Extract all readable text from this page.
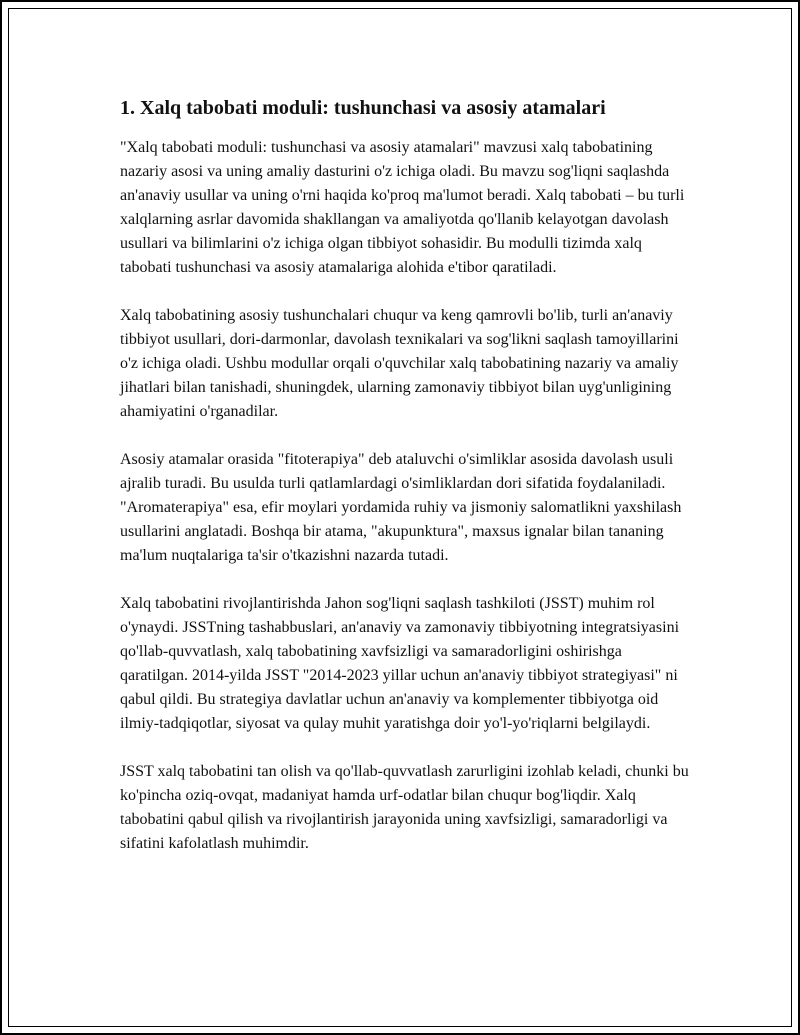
1. Xalq tabobati moduli: tushunchasi va asosiy atamalari

"Xalq tabobati moduli: tushunchasi va asosiy atamalari" mavzusi xalq tabobatining nazariy asosi va uning amaliy dasturini o'z ichiga oladi. Bu mavzu sog'liqni saqlashda an'anaviy usullar va uning o'rni haqida ko'proq ma'lumot beradi. Xalq tabobati – bu turli xalqlarning asrlar davomida shakllangan va amaliyotda qo'llanib kelayotgan davolash usullari va bilimlarini o'z ichiga olgan tibbiyot sohasidir. Bu modulli tizimda xalq tabobati tushunchasi va asosiy atamalariga alohida e'tibor qaratiladi.

Xalq tabobatining asosiy tushunchalari chuqur va keng qamrovli bo'lib, turli an'anaviy tibbiyot usullari, dori-darmonlar, davolash texnikalari va sog'likni saqlash tamoyillarini o'z ichiga oladi. Ushbu modullar orqali o'quvchilar xalq tabobatining nazariy va amaliy jihatlari bilan tanishadi, shuningdek, ularning zamonaviy tibbiyot bilan uyg'unligining ahamiyatini o'rganadilar.

Asosiy atamalar orasida "fitoterapiya" deb ataluvchi o'simliklar asosida davolash usuli ajralib turadi. Bu usulda turli qatlamlardagi o'simliklardan dori sifatida foydalaniladi. "Aromaterapiya" esa, efir moylari yordamida ruhiy va jismoniy salomatlikni yaxshilash usullarini anglatadi. Boshqa bir atama, "akupunktura", maxsus ignalar bilan tananing ma'lum nuqtalariga ta'sir o'tkazishni nazarda tutadi.

Xalq tabobatini rivojlantirishda Jahon sog'liqni saqlash tashkiloti (JSST) muhim rol o'ynaydi. JSSTning tashabbuslari, an'anaviy va zamonaviy tibbiyotning integratsiyasini qo'llab-quvvatlash, xalq tabobatining xavfsizligi va samaradorligini oshirishga qaratilgan. 2014-yilda JSST "2014-2023 yillar uchun an'anaviy tibbiyot strategiyasi" ni qabul qildi. Bu strategiya davlatlar uchun an'anaviy va komplementer tibbiyotga oid ilmiy-tadqiqotlar, siyosat va qulay muhit yaratishga doir yo'l-yo'riqlarni belgilaydi.

JSST xalq tabobatini tan olish va qo'llab-quvvatlash zarurligini izohlab keladi, chunki bu ko'pincha oziq-ovqat, madaniyat hamda urf-odatlar bilan chuqur bog'liqdir. Xalq tabobatini qabul qilish va rivojlantirish jarayonida uning xavfsizligi, samaradorligi va sifatini kafolatlash muhimdir.
